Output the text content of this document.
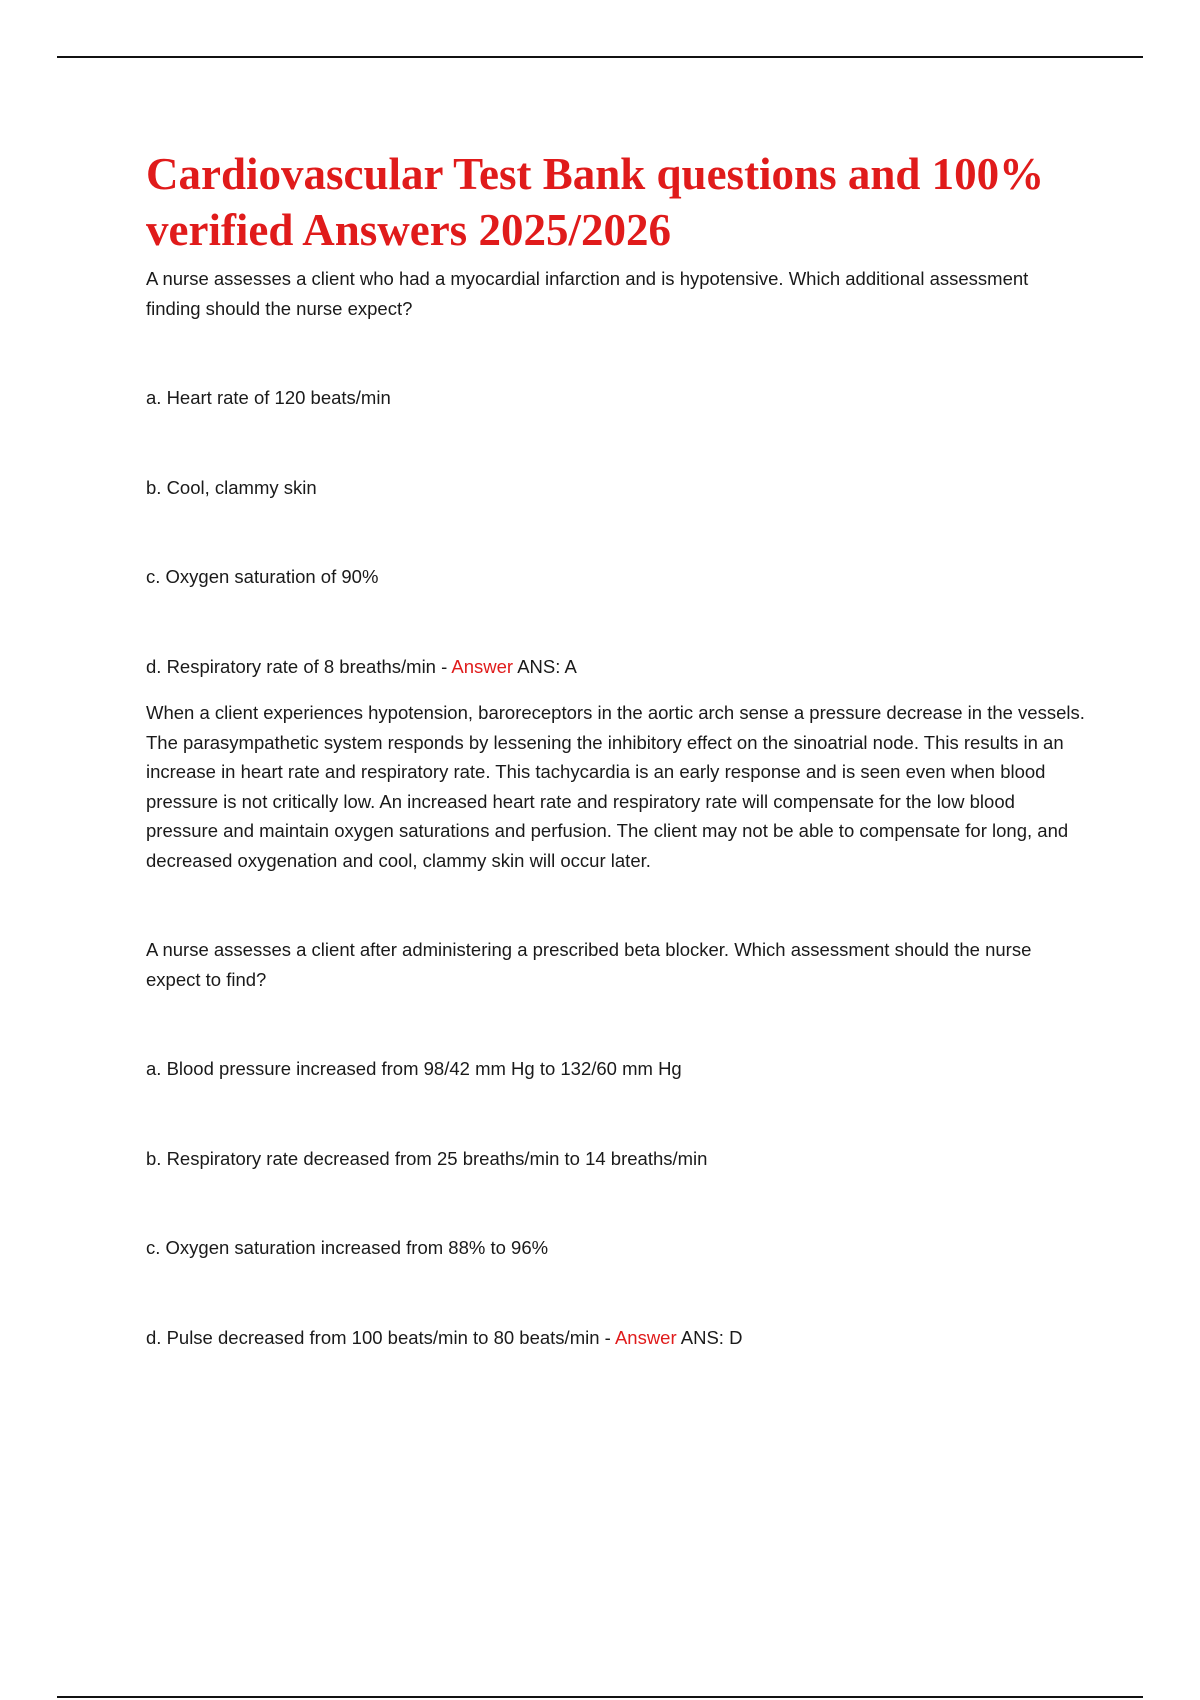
Cardiovascular Test Bank questions and 100% verified Answers 2025/2026

A nurse assesses a client who had a myocardial infarction and is hypotensive. Which additional assessment finding should the nurse expect?

a. Heart rate of 120 beats/min

b. Cool, clammy skin

c. Oxygen saturation of 90%

d. Respiratory rate of 8 breaths/min - Answer ANS: A

When a client experiences hypotension, baroreceptors in the aortic arch sense a pressure decrease in the vessels. The parasympathetic system responds by lessening the inhibitory effect on the sinoatrial node. This results in an increase in heart rate and respiratory rate. This tachycardia is an early response and is seen even when blood pressure is not critically low. An increased heart rate and respiratory rate will compensate for the low blood pressure and maintain oxygen saturations and perfusion. The client may not be able to compensate for long, and decreased oxygenation and cool, clammy skin will occur later.

A nurse assesses a client after administering a prescribed beta blocker. Which assessment should the nurse expect to find?

a. Blood pressure increased from 98/42 mm Hg to 132/60 mm Hg

b. Respiratory rate decreased from 25 breaths/min to 14 breaths/min

c. Oxygen saturation increased from 88% to 96%

d. Pulse decreased from 100 beats/min to 80 beats/min - Answer ANS: D
